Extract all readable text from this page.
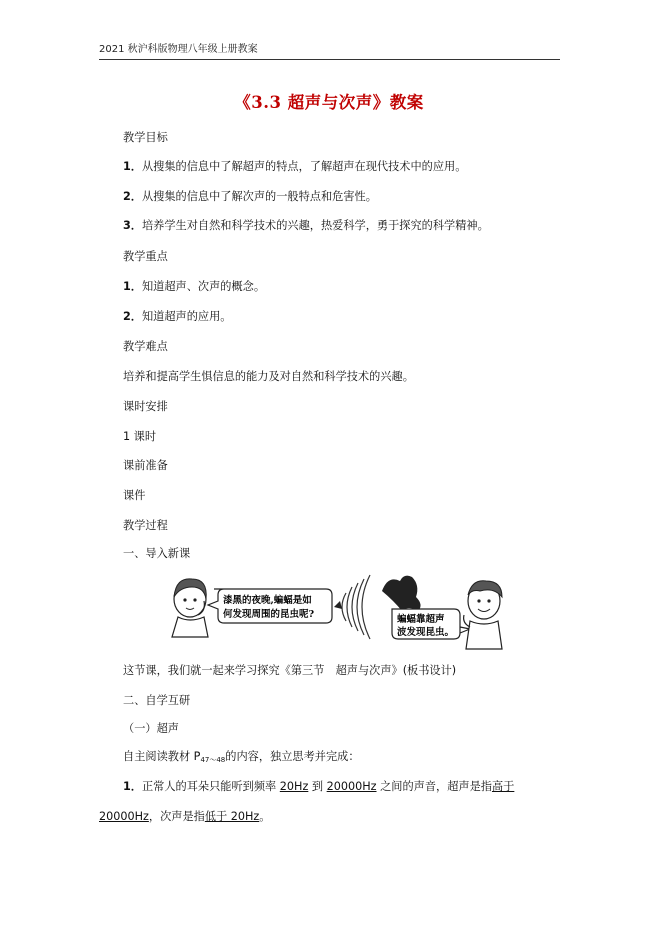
2021 秋沪科版物理八年级上册教案
《3.3 超声与次声》教案
教学目标
1．从搜集的信息中了解超声的特点，了解超声在现代技术中的应用。
2．从搜集的信息中了解次声的一般特点和危害性。
3．培养学生对自然和科学技术的兴趣，热爱科学，勇于探究的科学精神。
教学重点
1．知道超声、次声的概念。
2．知道超声的应用。
教学难点
培养和提高学生惧信息的能力及对自然和科学技术的兴趣。
课时安排
1 课时
课前准备
课件
教学过程
一、导入新课
漆黑的夜晚,蝙蝠是如
何发现周围的昆虫呢?	蝙蝠靠超声
波发现昆虫。
这节课，我们就一起来学习探究《第三节　超声与次声》(板书设计)
二、自学互研
（一）超声
自主阅读教材 $P_{47\sim 48}$的内容，独立思考并完成：
1．正常人的耳朵只能听到频率 20Hz 到 20000Hz 之间的声音，超声是指高于
20000Hz，次声是指低于 20Hz。
